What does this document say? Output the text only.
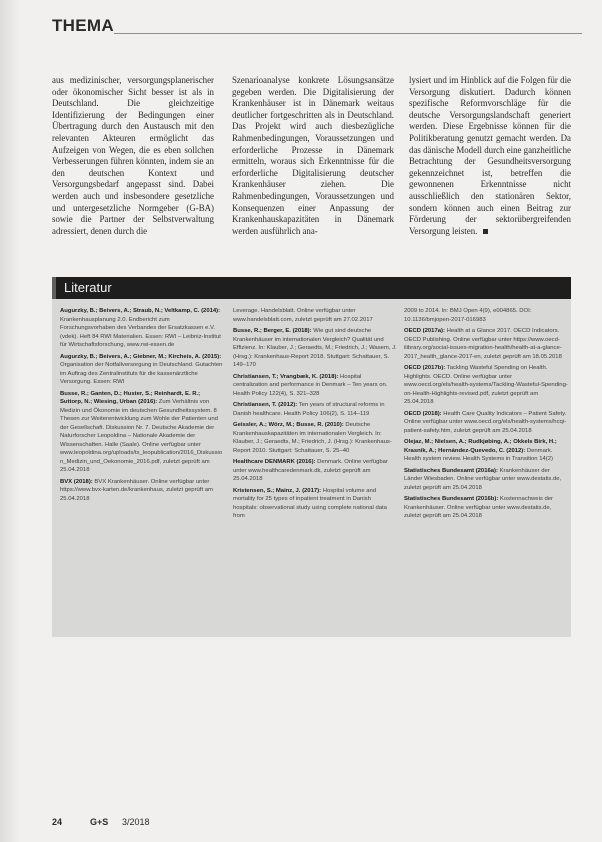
THEMA

aus medizinischer, versorgungsplanerischer oder ökonomischer Sicht besser ist als in Deutschland. Die gleichzeitige Identifizierung der Bedingungen einer Übertragung durch den Austausch mit den relevanten Akteuren ermöglicht das Aufzeigen von Wegen, die es eben sollchen Verbesserungen führen könnten, indem sie an den deutschen Kontext und Versorgungsbedarf angepasst sind. Dabei werden auch und insbesondere gesetzliche und untergesetzliche Normgeber (G-BA) sowie die Partner der Selbstverwaltung adressiert, denen durch die

Szenarioanalyse konkrete Lösungsansätze gegeben werden. Die Digitalisierung der Krankenhäuser ist in Dänemark weitaus deutlicher fortgeschritten als in Deutschland. Das Projekt wird auch diesbezügliche Rahmenbedingungen, Voraussetzungen und erforderliche Prozesse in Dänemark ermitteln, woraus sich Erkenntnisse für die erforderliche Digitalisierung deutscher Krankenhäuser ziehen. Die Rahmenbedingungen, Voraussetzungen und Konsequenzen einer Anpassung der Krankenhauskapazitäten in Dänemark werden ausführlich ana-

lysiert und im Hinblick auf die Folgen für die Versorgung diskutiert. Dadurch können spezifische Reformvorschläge für die deutsche Versorgungslandschaft generiert werden. Diese Ergebnisse können für die Politikberatung genutzt gemacht werden. Da das dänische Modell durch eine ganzheitliche Betrachtung der Gesundheitsversorgung gekennzeichnet ist, betreffen die gewonnenen Erkenntnisse nicht ausschließlich den stationären Sektor, sondern können auch einen Beitrag zur Förderung der sektorübergreifenden Versorgung leisten.

Literatur

Augurzky, B.; Beivers, A.; Straub, N.; Veltkamp, C. (2014): Krankenhausplanung 2.0. Endbericht zum Forschungsvorhaben des Verbandes der Ersatzkassen e.V. (vdek). Heft 84 RWI Materialien. Essen: RWI – Leibniz-Institut für Wirtschaftsforschung, www.rwi-essen.de

Augurzky, B.; Beivers, A.; Giebner, M.; Kircheis, A. (2015): Organisation der Notfallversorgung in Deutschland. Gutachten im Auftrag des Zentralinstituts für die kassenärztliche Versorgung. Essen: RWI

Busse, R.; Ganten, D.; Huster, S.; Reinhardt, E. R.; Suttorp, N.; Wiesing, Urban (2016): Zum Verhältnis von Medizin und Ökonomie im deutschen Gesundheitssystem. 8 Thesen zur Weiterentwicklung zum Wohle der Patienten und der Gesellschaft. Diskussion Nr. 7. Deutsche Akademie der Naturforscher Leopoldina – Nationale Akademie der Wissenschaften. Halle (Saale). Online verfügbar unter www.leopoldina.org/uploads/tx_leopublication/2016_Diskussion_Medizin_und_Oekonomie_2016.pdf, zuletzt geprüft am 25.04.2018

BVX (2018): BVX Krankenhäuser. Online verfügbar unter https://www.bvx-karten.de/krankenhaus, zuletzt geprüft am 25.04.2018

Leverage. Handelsblatt. Online verfügbar unter www.handelsblatt.com, zuletzt geprüft am 27.02.2017

Busse, R.; Berger, E. (2018): Wie gut sind deutsche Krankenhäuser im internationalen Vergleich? Qualität und Effizienz. In: Klauber, J.; Geraedts, M.; Friedrich, J.; Wasem, J. (Hrsg.): Krankenhaus-Report 2018. Stuttgart: Schattauer, S. 149–170

Christiansen, T.; Vrangbæk, K. (2018): Hospital centralization and performance in Denmark – Ten years on. Health Policy 122(4), S. 321–328

Christiansen, T. (2012): Ten years of structural reforms in Danish healthcare. Health Policy 106(2), S. 114–119

Geissler, A.; Wörz, M.; Busse, R. (2010): Deutsche Krankenhauskapazitäten im internationalen Vergleich. In: Klauber, J.; Geraedts, M.; Friedrich, J. (Hrsg.): Krankenhaus-Report 2010. Stuttgart: Schattauer, S. 25–40

Healthcare DENMARK (2016): Denmark. Online verfügbar unter www.healthcaredenmark.dk, zuletzt geprüft am 25.04.2018

Kristensen, S.; Mainz, J. (2017): Hospital volume and mortality for 25 types of inpatient treatment in Danish hospitals: observational study using complete national data from

2009 to 2014. In: BMJ Open 4(9), e004865. DOI: 10.1136/bmjopen-2017-016983

OECD (2017a): Health at a Glance 2017. OECD Indicators. OECD Publishing. Online verfügbar unter https://www.oecd-ilibrary.org/social-issues-migration-health/health-at-a-glance-2017_health_glance-2017-en, zuletzt geprüft am 18.05.2018

OECD (2017b): Tackling Wasteful Spending on Health. Highlights. OECD. Online verfügbar unter www.oecd.org/els/health-systems/Tackling-Wasteful-Spending-on-Health-Highlights-revised.pdf, zuletzt geprüft am 25.04.2018

OECD (2018): Health Care Quality Indicators – Patient Safety. Online verfügbar unter www.oecd.org/els/health-systems/hcqi-patient-safety.htm, zuletzt geprüft am 25.04.2018

Olejaz, M.; Nielsen, A.; Rudkjøbing, A.; Okkels Birk, H.; Krasnik, A.; Hernández-Quevedo, C. (2012): Denmark. Health system review. Health Systems in Transition 14(2)

Statistisches Bundesamt (2016a): Krankenhäuser der Länder Wiesbaden. Online verfügbar unter www.destatis.de, zuletzt geprüft am 25.04.2018

Statistisches Bundesamt (2016b): Kostennachweis der Krankenhäuser. Online verfügbar unter www.destatis.de, zuletzt geprüft am 25.04.2018

24	G+S 3/2018
